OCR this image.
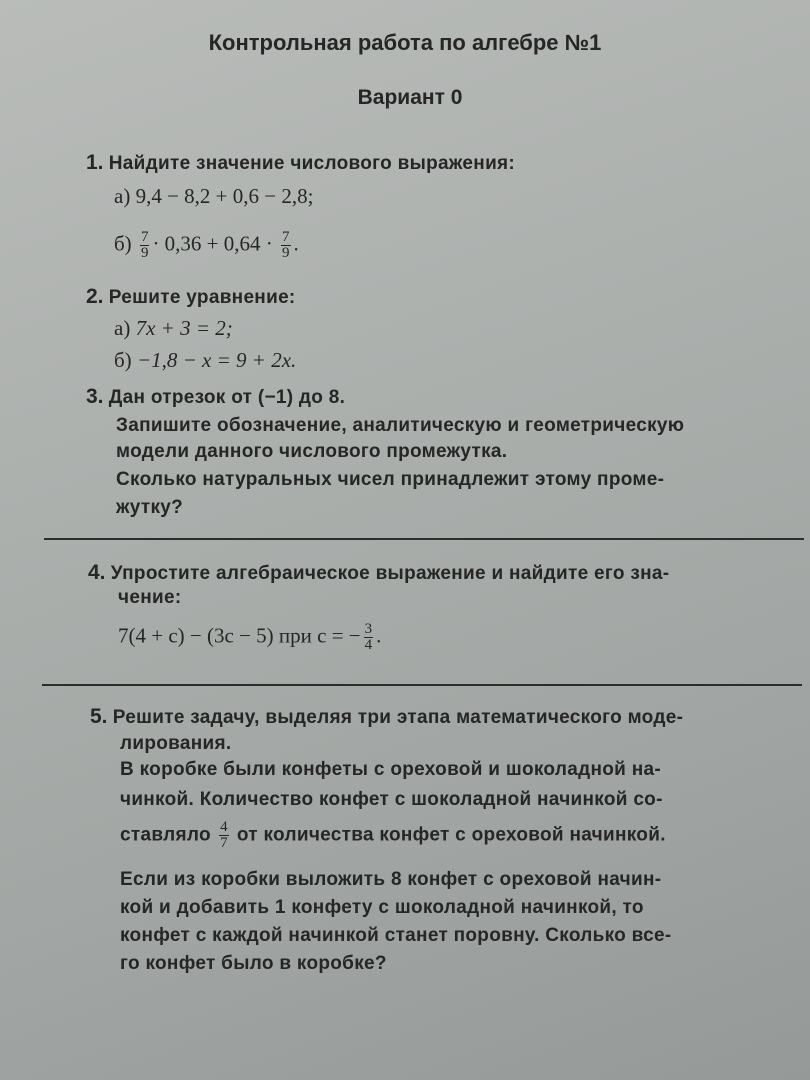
Контрольная работа по алгебре №1
Вариант 0
1. Найдите значение числового выражения:
а) 9,4 − 8,2 + 0,6 − 2,8;
$б) \frac{7}{9} \cdot 0,36 + 0,64 \cdot \frac{7}{9}$ .
2. Решите уравнение:
а) 7x + 3 = 2;
б) −1,8 − x = 9 + 2x.
3. Дан отрезок от (−1) до 8.
Запишите обозначение, аналитическую и геометрическую
модели данного числового промежутка.
Сколько натуральных чисел принадлежит этому проме-
жутку?
4. Упростите алгебраическое выражение и найдите его зна-
чение:
7(4 + c) − (3c − 5) при c = − $\frac{3}{4}$ .
5. Решите задачу, выделяя три этапа математического моде-
лирования.
В коробке были конфеты с ореховой и шоколадной на-
чинкой. Количество конфет с шоколадной начинкой со-
ставляло $\frac{4}{7}$ от количества конфет с ореховой начинкой.
Если из коробки выложить 8 конфет с ореховой начин-
кой и добавить 1 конфету с шоколадной начинкой, то
конфет с каждой начинкой станет поровну. Сколько все-
го конфет было в коробке?
